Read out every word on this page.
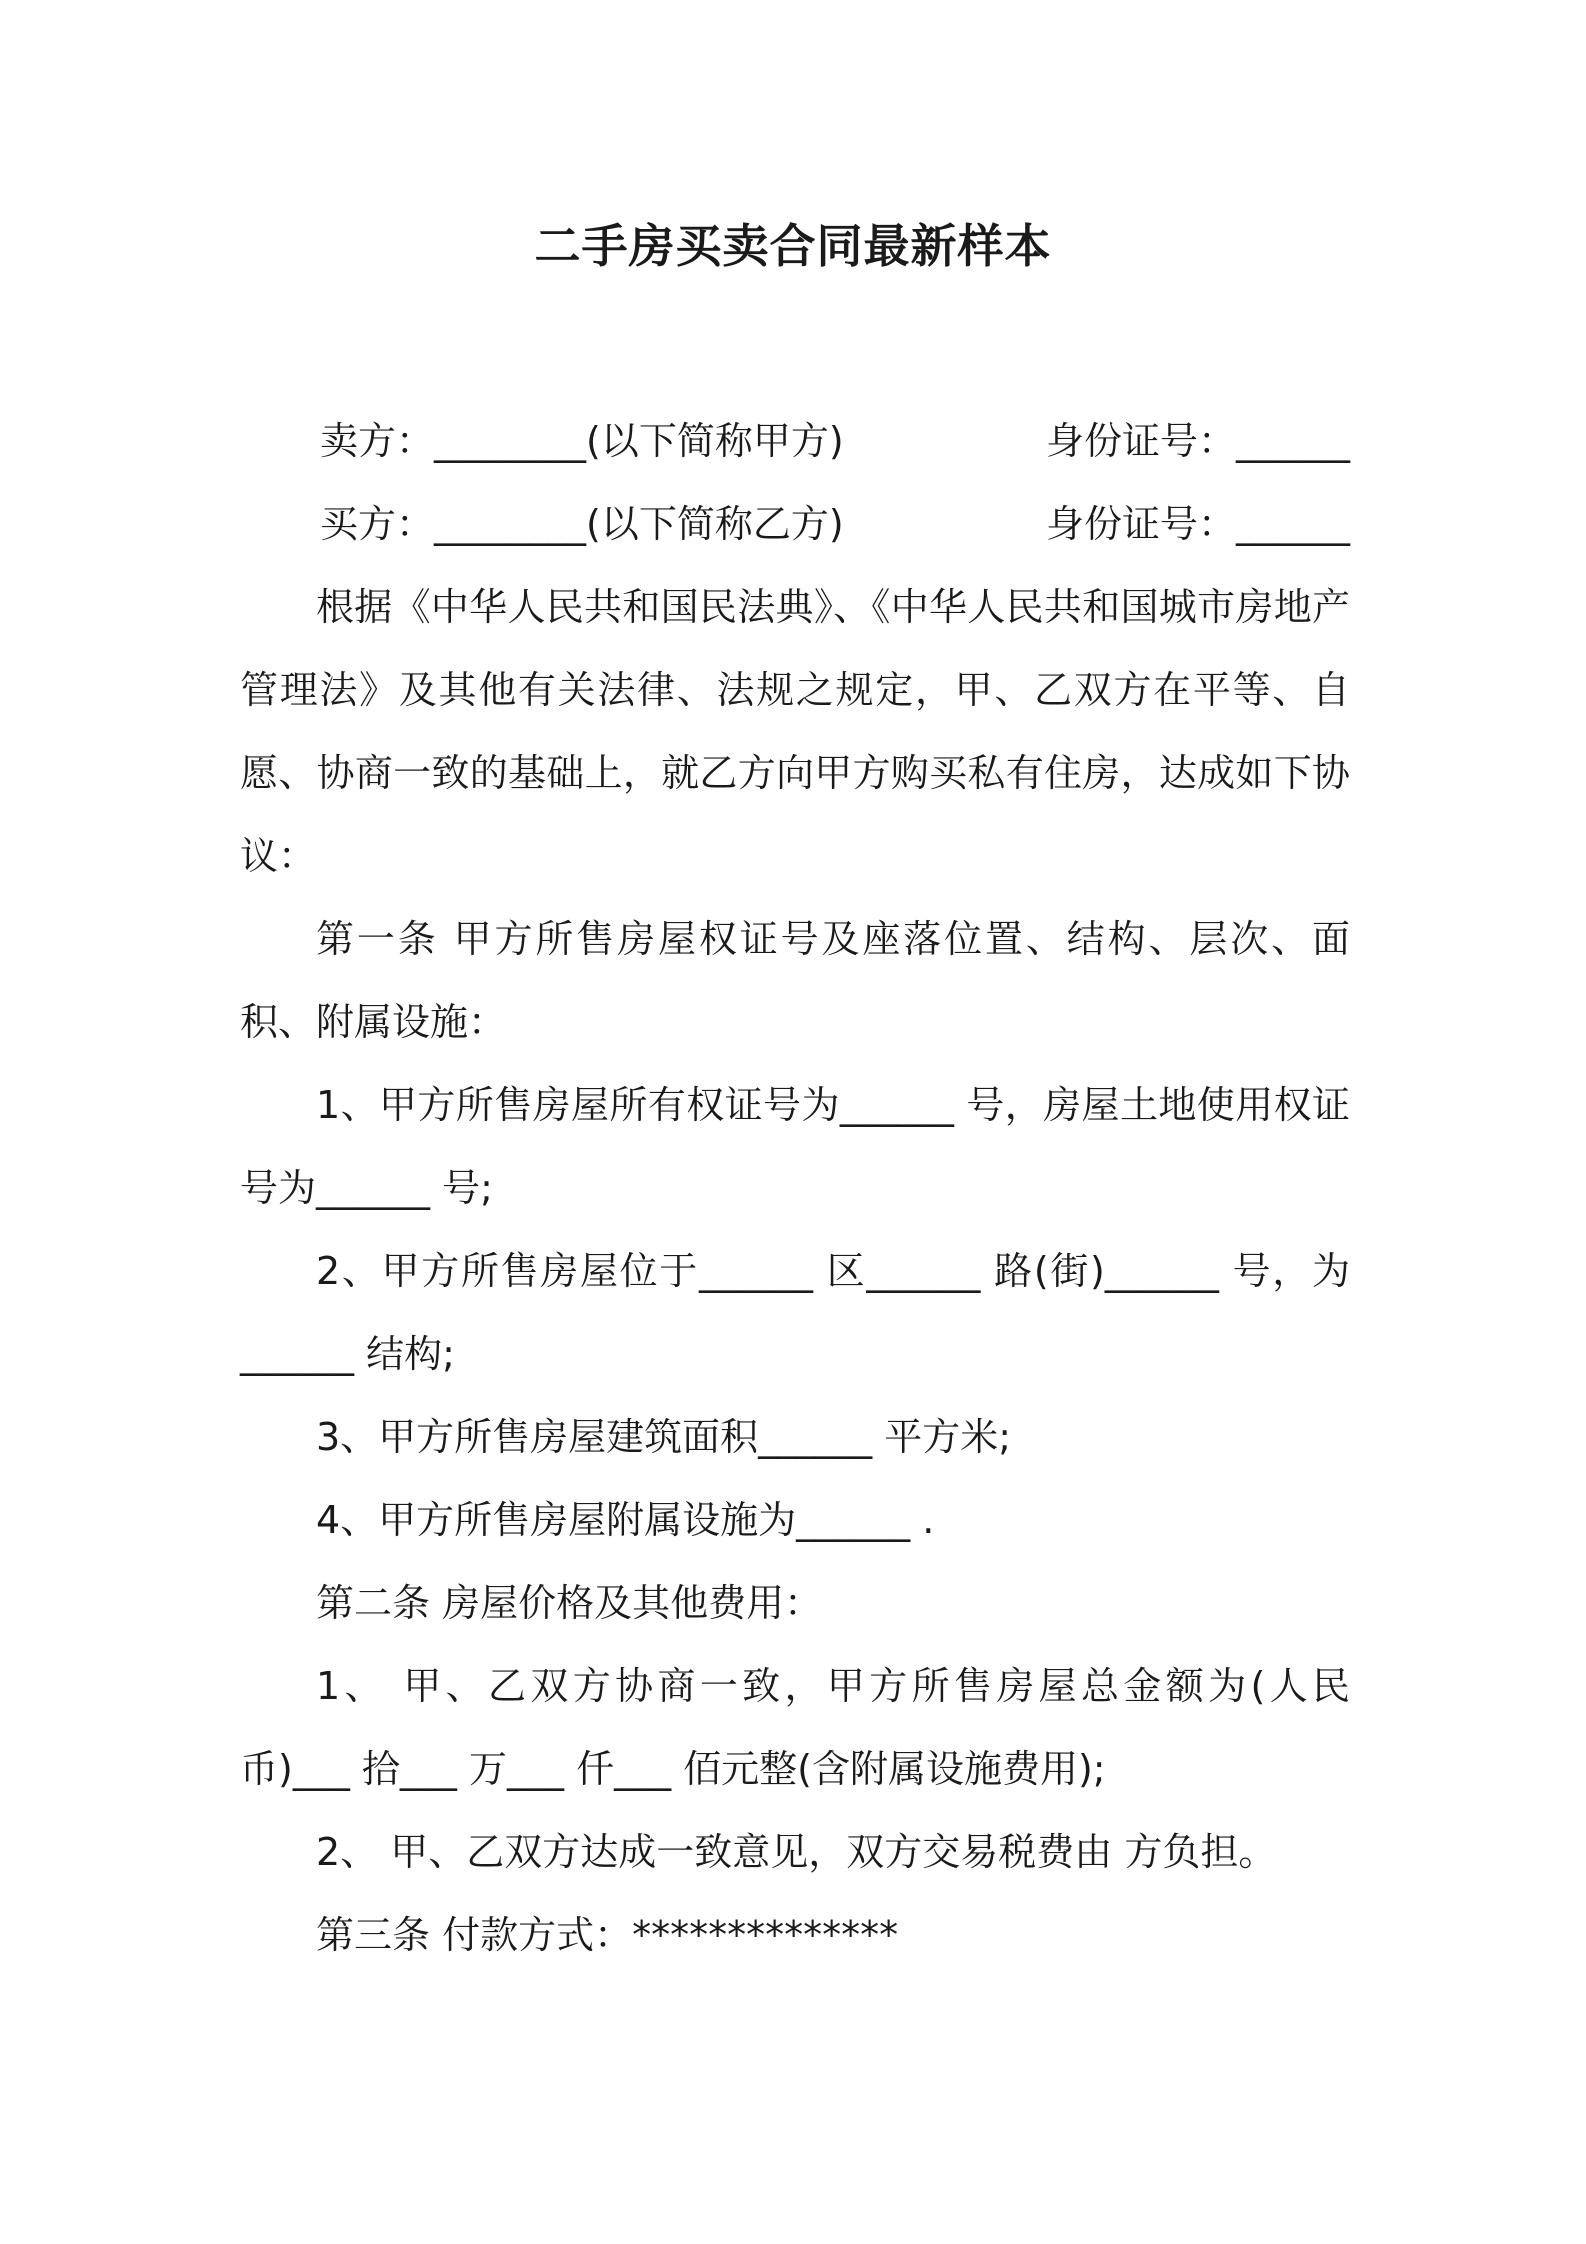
二手房买卖合同最新样本
卖方：________(以下简称甲方)	身份证号：______
买方：________(以下简称乙方)	身份证号：______

根据《中华人民共和国民法典》、《中华人民共和国城市房地产管理法》及其他有关法律、法规之规定，甲、乙双方在平等、自愿、协商一致的基础上，就乙方向甲方购买私有住房，达成如下协议：

第一条 甲方所售房屋权证号及座落位置、结构、层次、面积、附属设施：

1、甲方所售房屋所有权证号为______ 号，房屋土地使用权证号为______ 号;

2、甲方所售房屋位于______ 区______ 路(街)______ 号，为______ 结构;

3、甲方所售房屋建筑面积______ 平方米;

4、甲方所售房屋附属设施为______ .

第二条 房屋价格及其他费用：

1、 甲、乙双方协商一致，甲方所售房屋总金额为(人民币)___ 拾___ 万___ 仟___ 佰元整(含附属设施费用);

2、 甲、乙双方达成一致意见，双方交易税费由 方负担。

第三条 付款方式：**************
